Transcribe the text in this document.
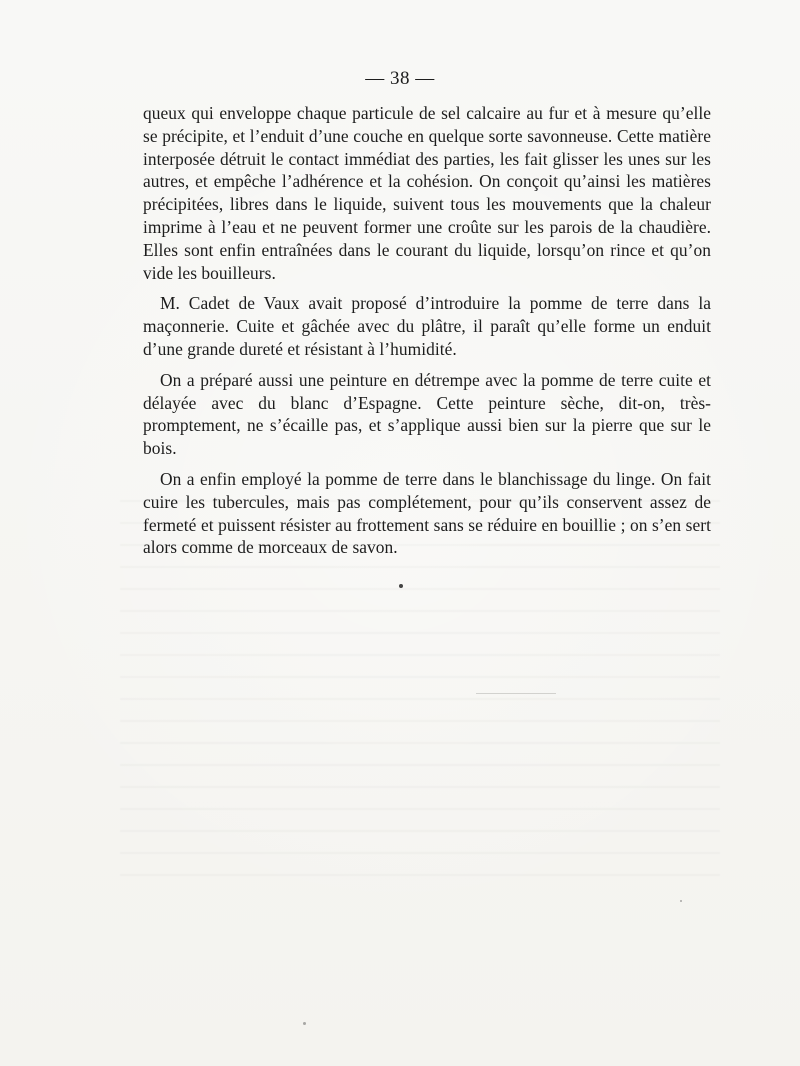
— 38 —

queux qui enveloppe chaque particule de sel calcaire au fur et à mesure qu’elle se précipite, et l’enduit d’une couche en quelque sorte savonneuse. Cette matière interposée détruit le contact immédiat des parties, les fait glisser les unes sur les autres, et empêche l’adhérence et la cohésion. On conçoit qu’ainsi les matières précipitées, libres dans le liquide, suivent tous les mouvements que la chaleur imprime à l’eau et ne peuvent former une croûte sur les parois de la chaudière. Elles sont enfin entraînées dans le courant du liquide, lorsqu’on rince et qu’on vide les bouilleurs.

M. Cadet de Vaux avait proposé d’introduire la pomme de terre dans la maçonnerie. Cuite et gâchée avec du plâtre, il paraît qu’elle forme un enduit d’une grande dureté et résistant à l’humidité.

On a préparé aussi une peinture en détrempe avec la pomme de terre cuite et délayée avec du blanc d’Espagne. Cette peinture sèche, dit-on, très-promptement, ne s’écaille pas, et s’applique aussi bien sur la pierre que sur le bois.

On a enfin employé la pomme de terre dans le blanchissage du linge. On fait cuire les tubercules, mais pas complétement, pour qu’ils conservent assez de fermeté et puissent résister au frottement sans se réduire en bouillie ; on s’en sert alors comme de morceaux de savon.
